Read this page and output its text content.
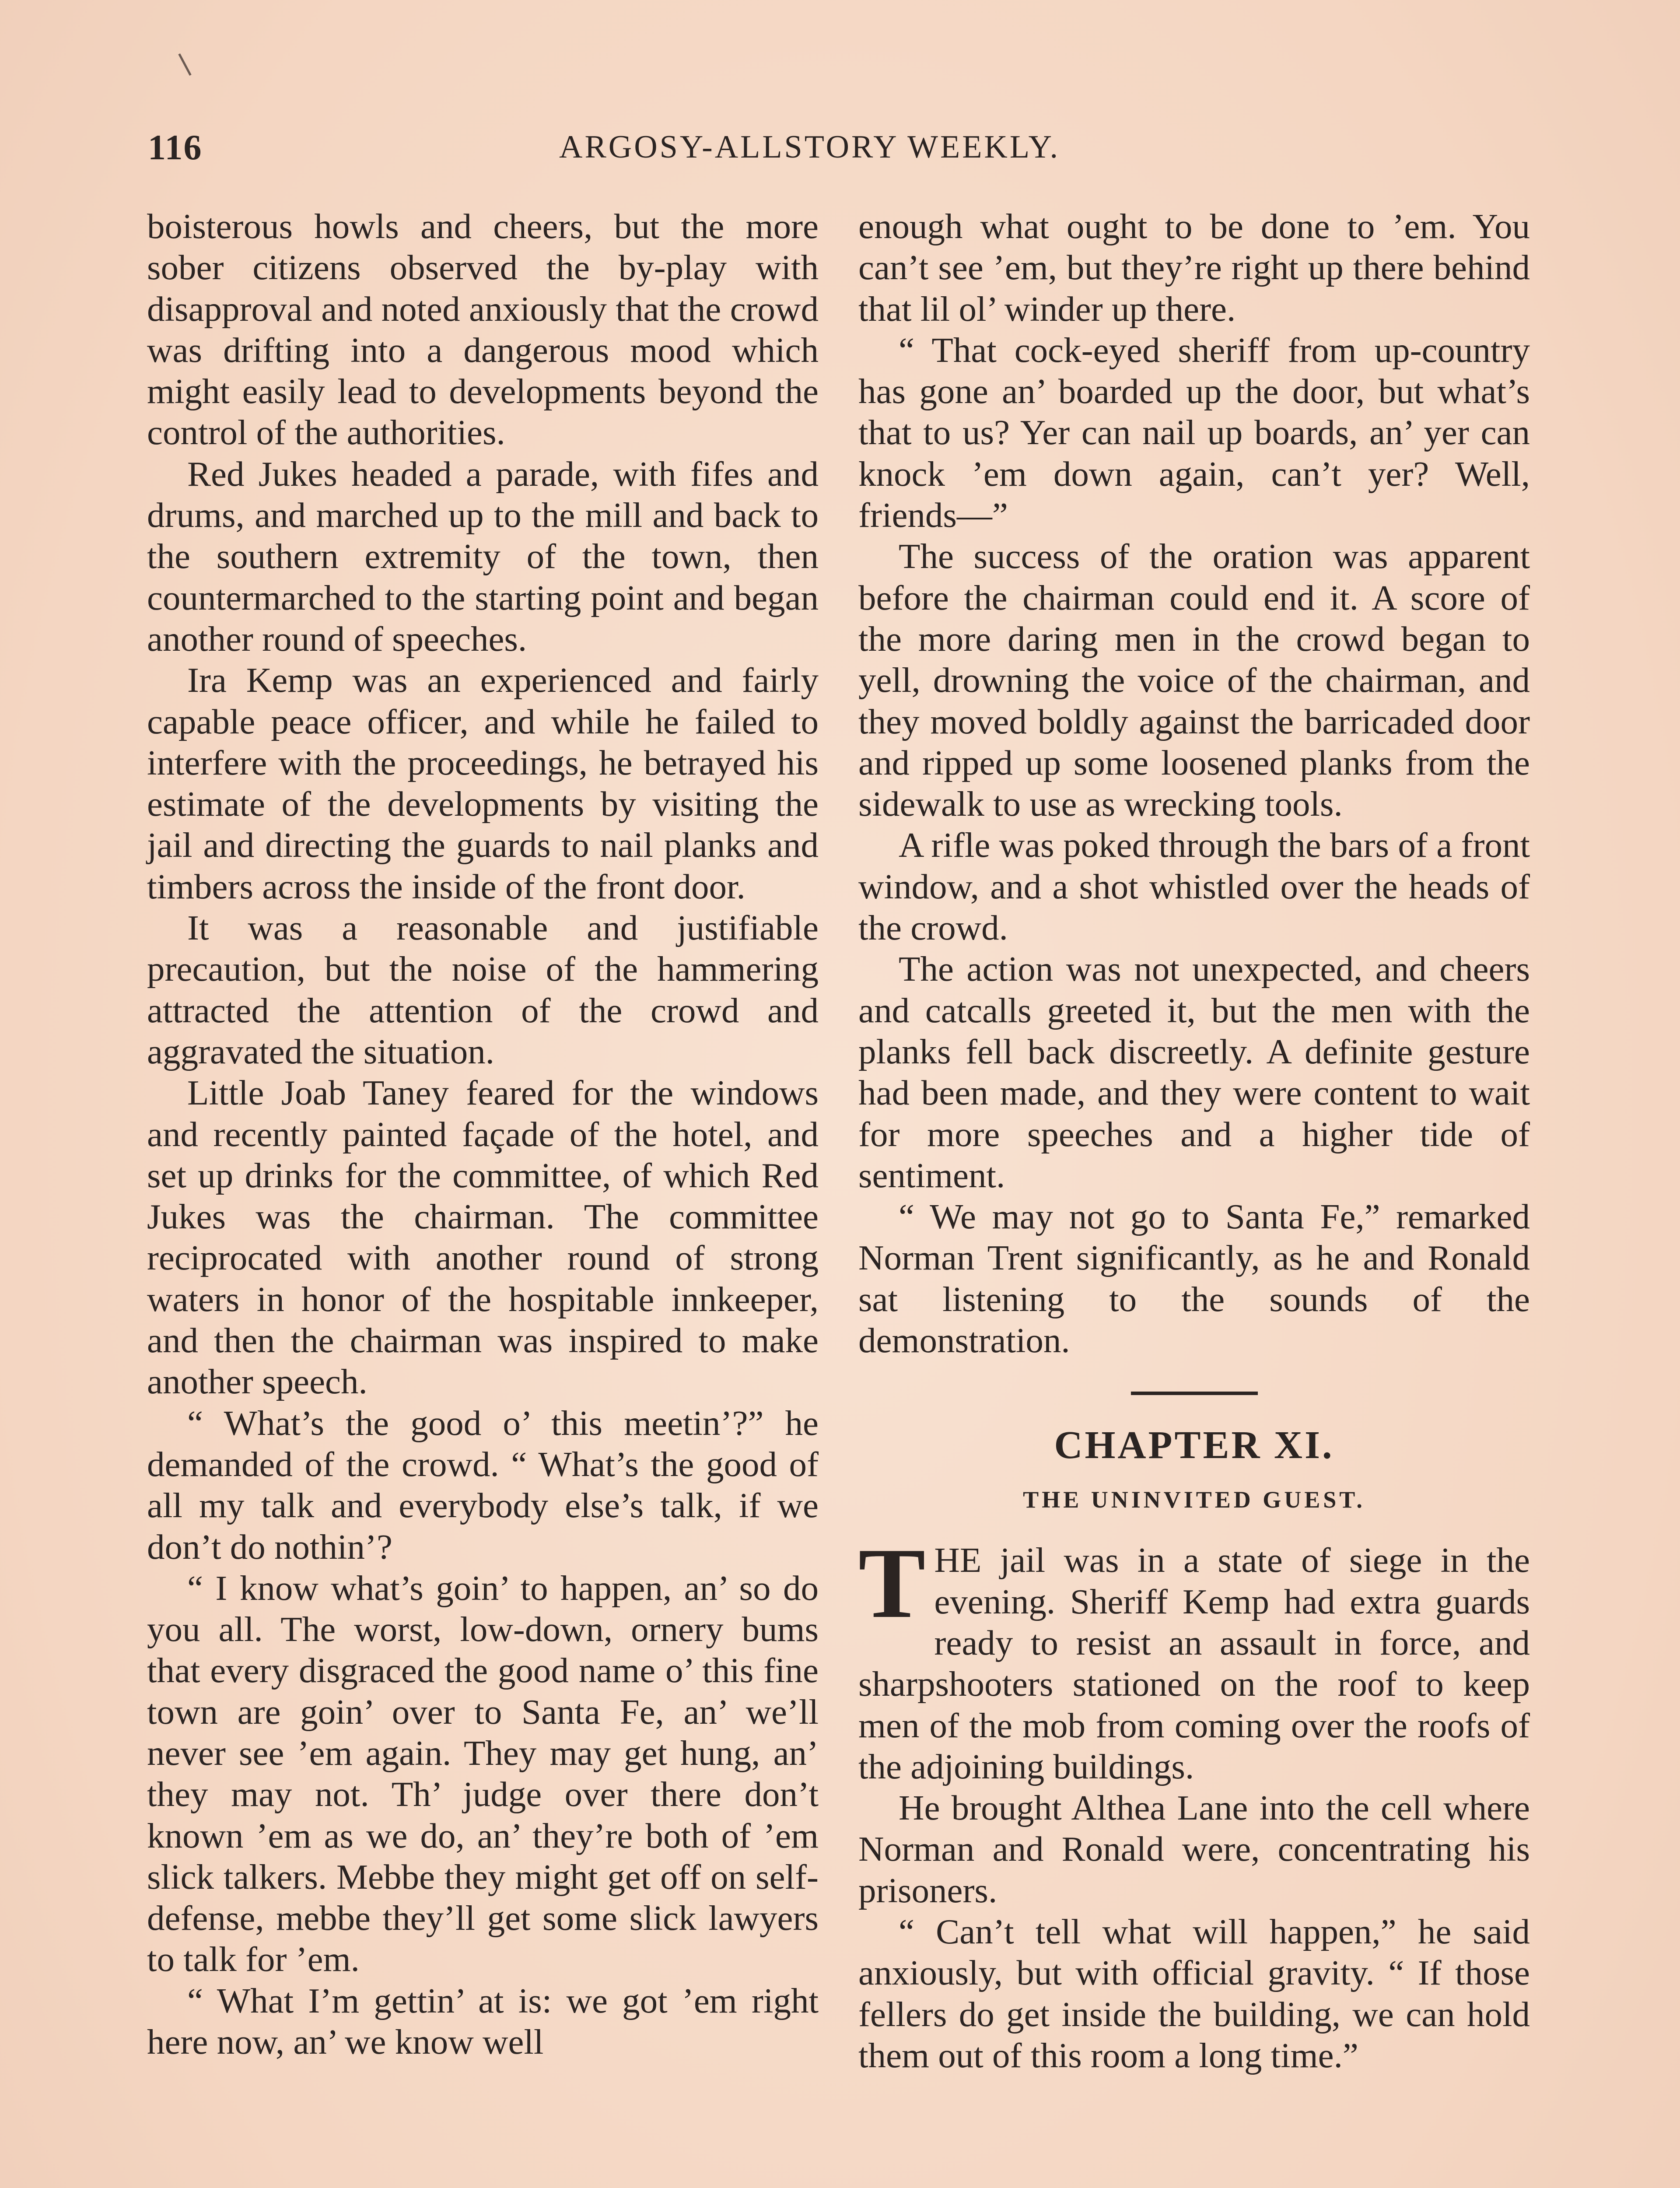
116	ARGOSY-ALLSTORY WEEKLY.

boisterous howls and cheers, but the more sober citizens observed the by-play with disapproval and noted anxiously that the crowd was drifting into a dangerous mood which might easily lead to developments beyond the control of the authorities.

Red Jukes headed a parade, with fifes and drums, and marched up to the mill and back to the southern extremity of the town, then countermarched to the starting point and began another round of speeches.

Ira Kemp was an experienced and fairly capable peace officer, and while he failed to interfere with the proceedings, he betrayed his estimate of the developments by visiting the jail and directing the guards to nail planks and timbers across the inside of the front door.

It was a reasonable and justifiable precaution, but the noise of the hammering attracted the attention of the crowd and aggravated the situation.

Little Joab Taney feared for the windows and recently painted façade of the hotel, and set up drinks for the committee, of which Red Jukes was the chairman. The committee reciprocated with another round of strong waters in honor of the hospitable innkeeper, and then the chairman was inspired to make another speech.

“ What’s the good o’ this meetin’?” he demanded of the crowd. “ What’s the good of all my talk and everybody else’s talk, if we don’t do nothin’?

“ I know what’s goin’ to happen, an’ so do you all. The worst, low-down, ornery bums that every disgraced the good name o’ this fine town are goin’ over to Santa Fe, an’ we’ll never see ’em again. They may get hung, an’ they may not. Th’ judge over there don’t known ’em as we do, an’ they’re both of ’em slick talkers. Mebbe they might get off on self-defense, mebbe they’ll get some slick lawyers to talk for ’em.

“ What I’m gettin’ at is: we got ’em right here now, an’ we know well

enough what ought to be done to ’em. You can’t see ’em, but they’re right up there behind that lil ol’ winder up there.

“ That cock-eyed sheriff from up-country has gone an’ boarded up the door, but what’s that to us? Yer can nail up boards, an’ yer can knock ’em down again, can’t yer? Well, friends—”

The success of the oration was apparent before the chairman could end it. A score of the more daring men in the crowd began to yell, drowning the voice of the chairman, and they moved boldly against the barricaded door and ripped up some loosened planks from the sidewalk to use as wrecking tools.

A rifle was poked through the bars of a front window, and a shot whistled over the heads of the crowd.

The action was not unexpected, and cheers and catcalls greeted it, but the men with the planks fell back discreetly. A definite gesture had been made, and they were content to wait for more speeches and a higher tide of sentiment.

“ We may not go to Santa Fe,” remarked Norman Trent significantly, as he and Ronald sat listening to the sounds of the demonstration.

CHAPTER XI.
THE UNINVITED GUEST.

THE jail was in a state of siege in the evening. Sheriff Kemp had extra guards ready to resist an assault in force, and sharpshooters stationed on the roof to keep men of the mob from coming over the roofs of the adjoining buildings.

He brought Althea Lane into the cell where Norman and Ronald were, concentrating his prisoners.

“ Can’t tell what will happen,” he said anxiously, but with official gravity. “ If those fellers do get inside the building, we can hold them out of this room a long time.”
